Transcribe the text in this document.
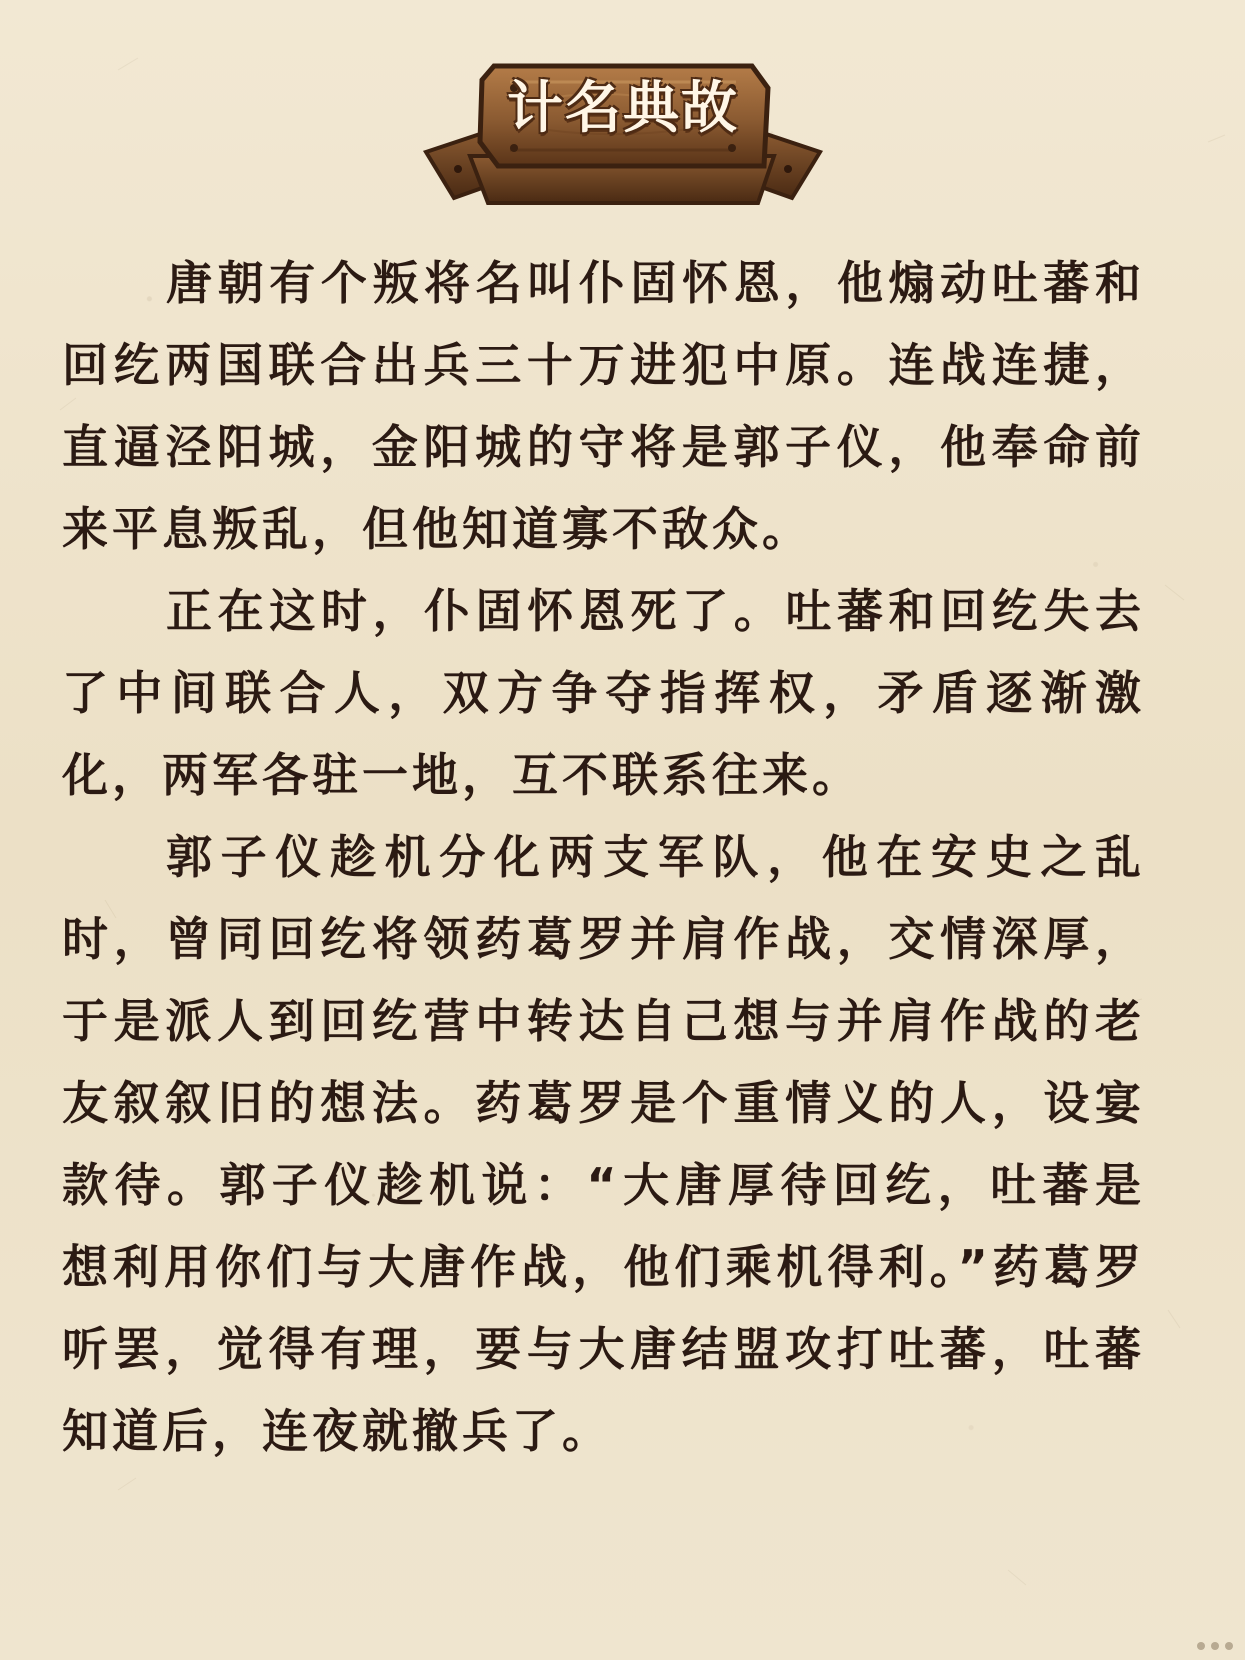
计名典故

唐朝有个叛将名叫仆固怀恩，他煽动吐蕃和回纥两国联合出兵三十万进犯中原。连战连捷，直逼泾阳城，金阳城的守将是郭子仪，他奉命前来平息叛乱，但他知道寡不敌众。

正在这时，仆固怀恩死了。吐蕃和回纥失去了中间联合人，双方争夺指挥权，矛盾逐渐激化，两军各驻一地，互不联系往来。

郭子仪趁机分化两支军队，他在安史之乱时，曾同回纥将领药葛罗并肩作战，交情深厚，于是派人到回纥营中转达自己想与并肩作战的老友叙叙旧的想法。药葛罗是个重情义的人，设宴款待。郭子仪趁机说：“大唐厚待回纥，吐蕃是想利用你们与大唐作战，他们乘机得利。”药葛罗听罢，觉得有理，要与大唐结盟攻打吐蕃，吐蕃知道后，连夜就撤兵了。
